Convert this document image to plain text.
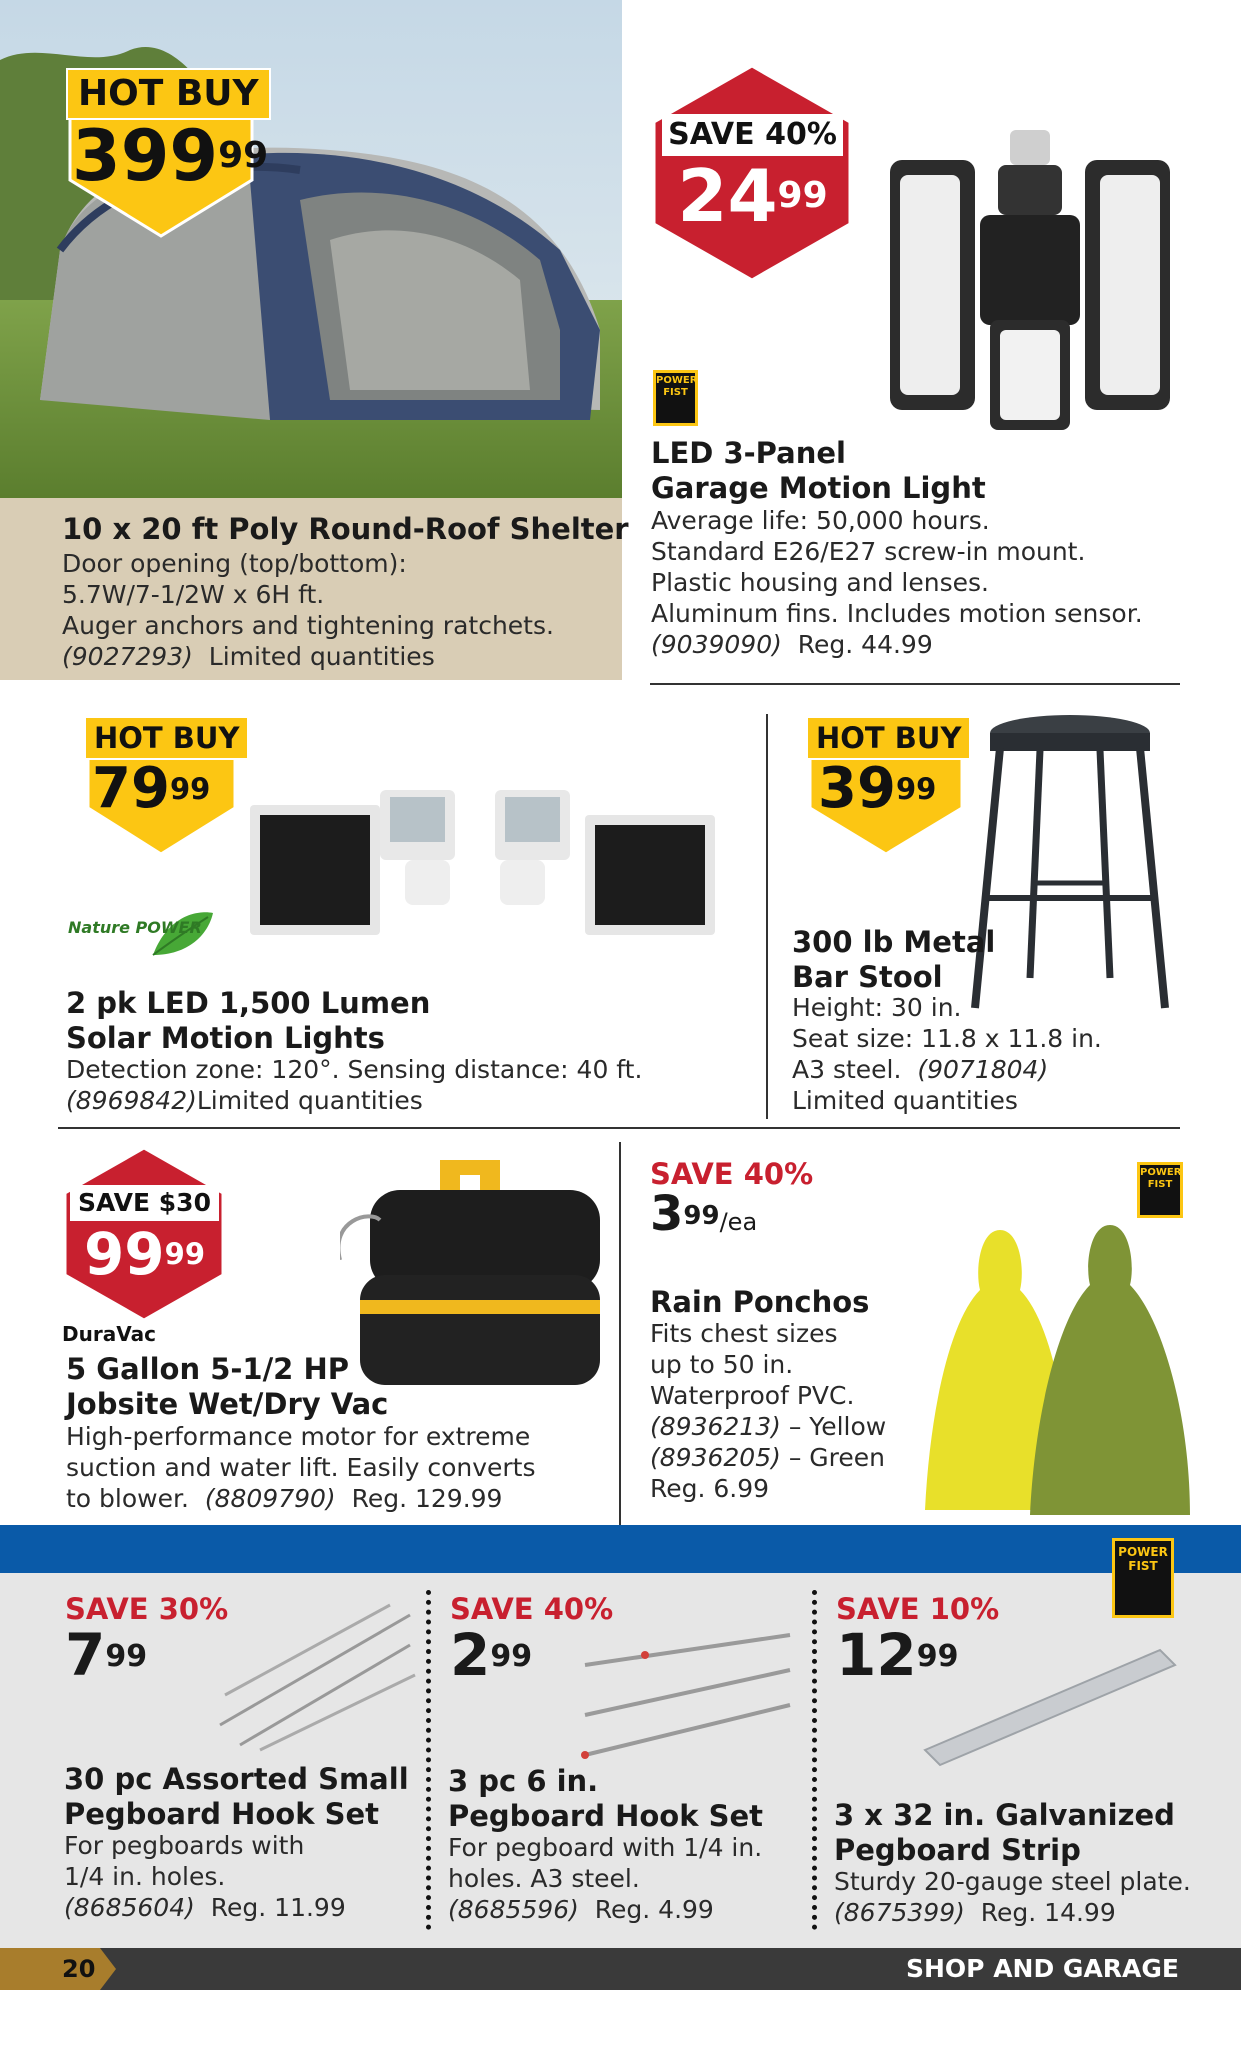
HOT BUY
$399^{99}$
10 x 20 ft Poly Round-Roof Shelter
Door opening (top/bottom):
5.7W/7-1/2W x 6H ft.
Auger anchors and tightening ratchets.
(9027293) Limited quantities
SAVE 40%
$24^{99}$
POWER FIST
LED 3-Panel
Garage Motion Light
Average life: 50,000 hours.
Standard E26/E27 screw-in mount.
Plastic housing and lenses.
Aluminum fins. Includes motion sensor.
(9039090) Reg. 44.99
HOT BUY
$79^{99}$
Nature POWER
2 pk LED 1,500 Lumen
Solar Motion Lights
Detection zone: 120°. Sensing distance: 40 ft.
(8969842)Limited quantities
HOT BUY
$39^{99}$
300 lb Metal
Bar Stool
Height: 30 in.
Seat size: 11.8 x 11.8 in.
A3 steel. (9071804)
Limited quantities
SAVE $30
$99^{99}$
DuraVac
5 Gallon 5-1/2 HP
Jobsite Wet/Dry Vac
High-performance motor for extreme
suction and water lift. Easily converts
to blower. (8809790) Reg. 129.99
SAVE 40%
$3^{99}/ea$
POWER FIST
Rain Ponchos
Fits chest sizes
up to 50 in.
Waterproof PVC.
(8936213) – Yellow
(8936205) – Green
Reg. 6.99
POWER FIST
SAVE 30%
$7^{99}$
30 pc Assorted Small
Pegboard Hook Set
For pegboards with
1/4 in. holes.
(8685604) Reg. 11.99
SAVE 40%
$2^{99}$
3 pc 6 in.
Pegboard Hook Set
For pegboard with 1/4 in.
holes. A3 steel.
(8685596) Reg. 4.99
SAVE 10%
$12^{99}$
3 x 32 in. Galvanized
Pegboard Strip
Sturdy 20-gauge steel plate.
(8675399) Reg. 14.99
20	SHOP AND GARAGE
